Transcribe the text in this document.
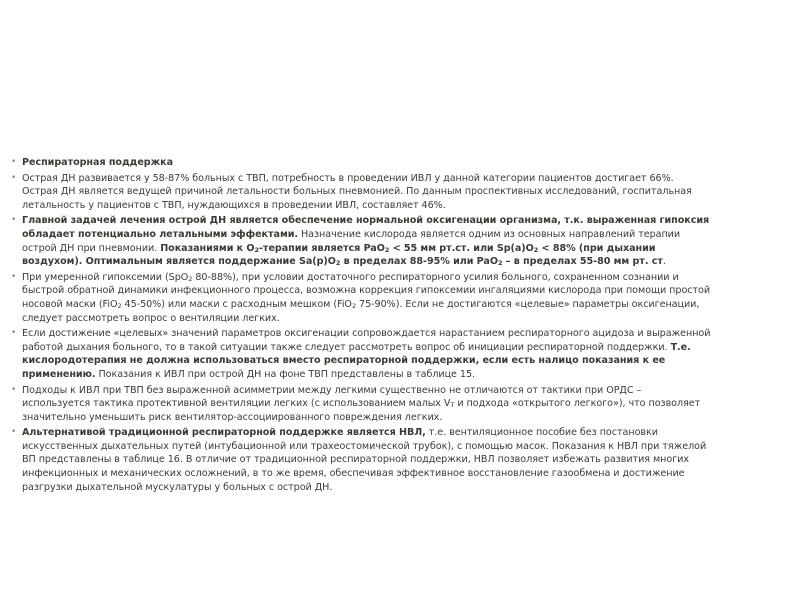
• Респираторная поддержка
• Острая ДН развивается у 58-87% больных с ТВП, потребность в проведении ИВЛ у данной категории пациентов достигает 66%. Острая ДН является ведущей причиной летальности больных пневмонией. По данным проспективных исследований, госпитальная летальность у пациентов с ТВП, нуждающихся в проведении ИВЛ, составляет 46%.
• Главной задачей лечения острой ДН является обеспечение нормальной оксигенации организма, т.к. выраженная гипоксия обладает потенциально летальными эффектами. Назначение кислорода является одним из основных направлений терапии острой ДН при пневмонии. Показаниями к $О_2$-терапии является PaO$_2$ < 55 мм рт.ст. или $Sp(a)O_2 < 88\%$ (при дыхании воздухом). Оптимальным является поддержание $Sa(p)O_2$ в пределах 88-95% или PaO$_2$ – в пределах 55-80 мм рт. ст.
• При умеренной гипоксемии (SpO$_2$ 80-88%), при условии достаточного респираторного усилия больного, сохраненном сознании и быстрой обратной динамики инфекционного процесса, возможна коррекция гипоксемии ингаляциями кислорода при помощи простой носовой маски (FiO$_2$ 45-50%) или маски с расходным мешком (FiO$_2$ 75-90%). Если не достигаются «целевые» параметры оксигенации, следует рассмотреть вопрос о вентиляции легких.
• Если достижение «целевых» значений параметров оксигенации сопровождается нарастанием респираторного ацидоза и выраженной работой дыхания больного, то в такой ситуации также следует рассмотреть вопрос об инициации респираторной поддержки. Т.е. кислородотерапия не должна использоваться вместо респираторной поддержки, если есть налицо показания к ее применению. Показания к ИВЛ при острой ДН на фоне ТВП представлены в таблице 15.
• Подходы к ИВЛ при ТВП без выраженной асимметрии между легкими существенно не отличаются от тактики при ОРДС – используется тактика протективной вентиляции легких (с использованием малых $V_T$ и подхода «открытого легкого»), что позволяет значительно уменьшить риск вентилятор-ассоциированного повреждения легких.
• Альтернативой традиционной респираторной поддержке является НВЛ, т.е. вентиляционное пособие без постановки искусственных дыхательных путей (интубационной или трахеостомической трубок), с помощью масок. Показания к НВЛ при тяжелой ВП представлены в таблице 16. В отличие от традиционной респираторной поддержки, НВЛ позволяет избежать развития многих инфекционных и механических осложнений, в то же время, обеспечивая эффективное восстановление газообмена и достижение разгрузки дыхательной мускулатуры у больных с острой ДН.
